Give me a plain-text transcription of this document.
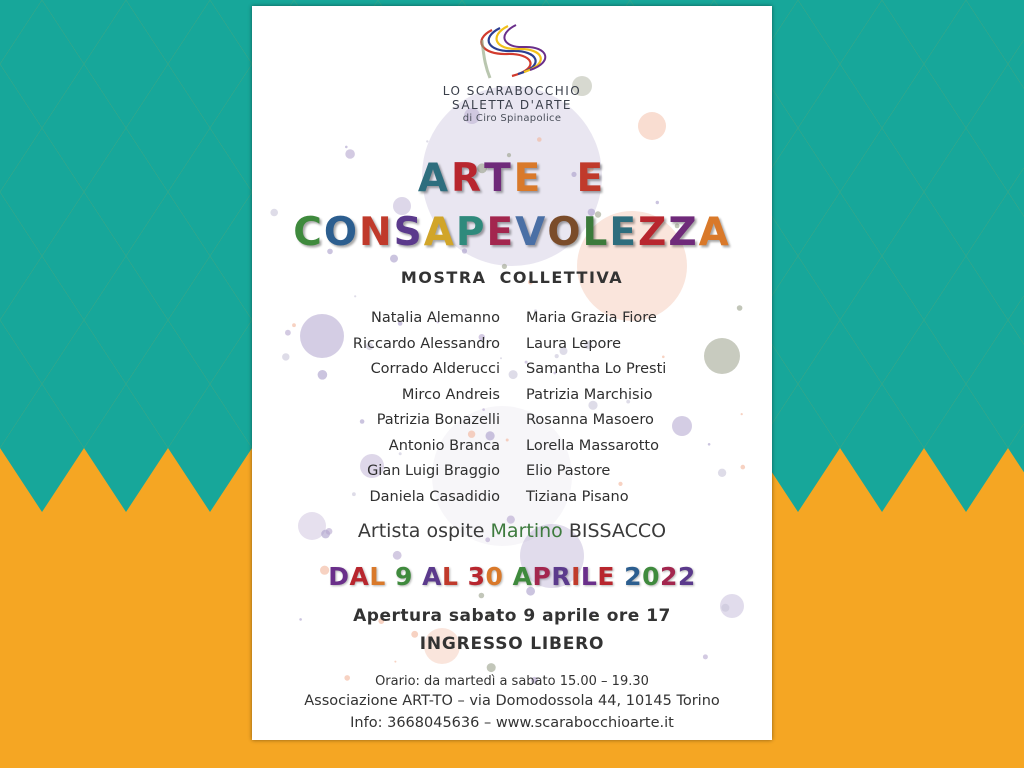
LO SCARABOCCHIO
SALETTA D'ARTE
di Ciro Spinapolice
ARTE E
CONSAPEVOLEZZA
MOSTRA COLLETTIVA
Natalia Alemanno
Riccardo Alessandro
Corrado Alderucci
Mirco Andreis
Patrizia Bonazelli
Antonio Branca
Gian Luigi Braggio
Daniela Casadidio
Maria Grazia Fiore
Laura Lepore
Samantha Lo Presti
Patrizia Marchisio
Rosanna Masoero
Lorella Massarotto
Elio Pastore
Tiziana Pisano
Artista ospite Martino BISSACCO
DAL 9 AL 30 APRILE 2022
Apertura sabato 9 aprile ore 17
INGRESSO LIBERO
Orario: da martedì a sabato 15.00 – 19.30
Associazione ART-TO – via Domodossola 44, 10145 Torino
Info: 3668045636 – www.scarabocchioarte.it
